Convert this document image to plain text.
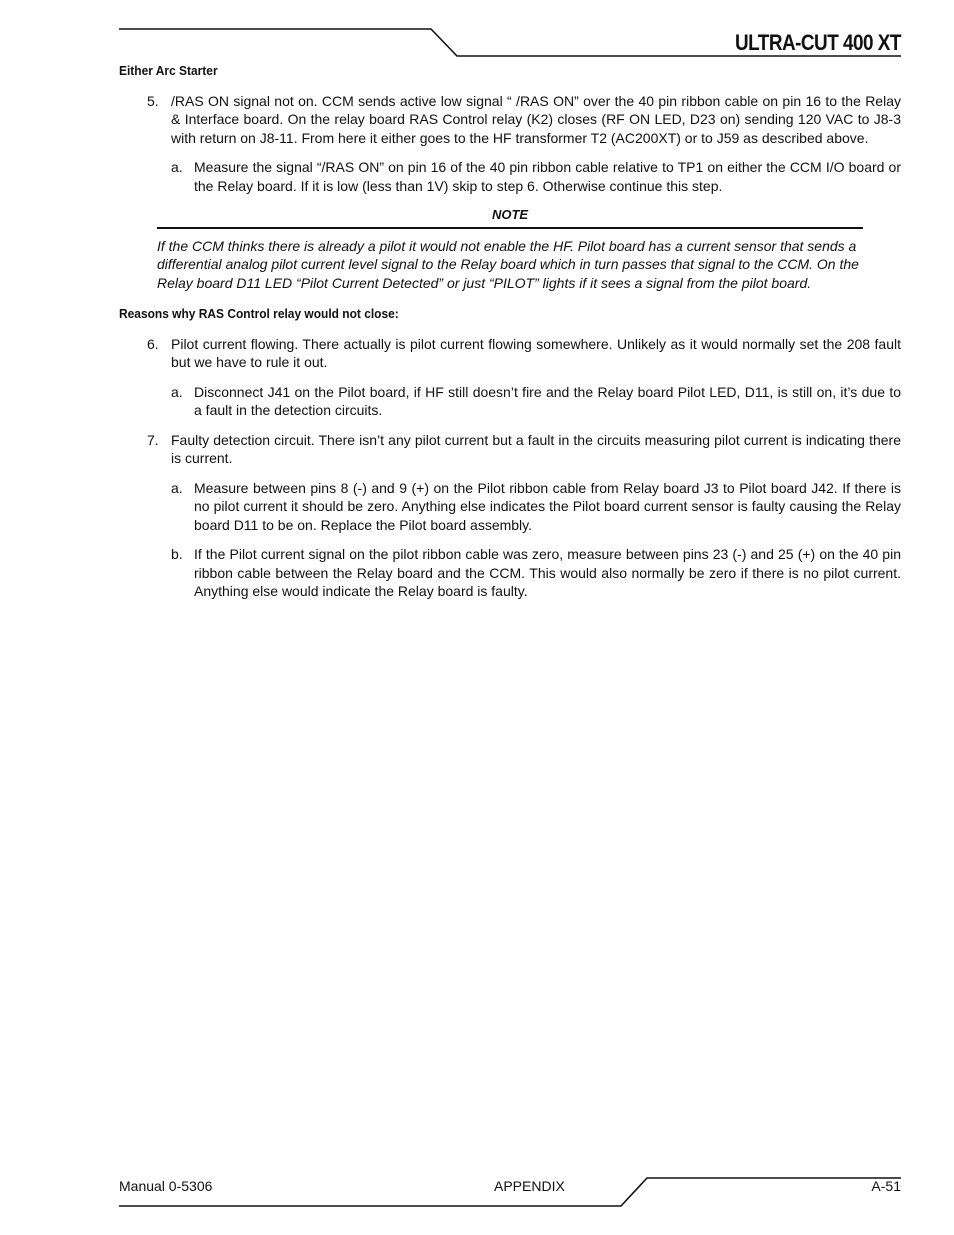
ULTRA-CUT 400 XT

Either Arc Starter

5. /RAS ON signal not on. CCM sends active low signal “ /RAS ON” over the 40 pin ribbon cable on pin 16 to the Relay & Interface board. On the relay board RAS Control relay (K2) closes (RF ON LED, D23 on) sending 120 VAC to J8-3 with return on J8-11. From here it either goes to the HF transformer T2 (AC200XT) or to J59 as described above.
a. Measure the signal “/RAS ON” on pin 16 of the 40 pin ribbon cable relative to TP1 on either the CCM I/O board or the Relay board. If it is low (less than 1V) skip to step 6. Otherwise continue this step.
NOTE
If the CCM thinks there is already a pilot it would not enable the HF. Pilot board has a current sensor that sends a differential analog pilot current level signal to the Relay board which in turn passes that signal to the CCM. On the Relay board D11 LED “Pilot Current Detected” or just “PILOT” lights if it sees a signal from the pilot board.

Reasons why RAS Control relay would not close:

6. Pilot current flowing. There actually is pilot current flowing somewhere. Unlikely as it would normally set the 208 fault but we have to rule it out.
a. Disconnect J41 on the Pilot board, if HF still doesn’t fire and the Relay board Pilot LED, D11, is still on, it’s due to a fault in the detection circuits.
7. Faulty detection circuit. There isn’t any pilot current but a fault in the circuits measuring pilot current is indicating there is current.
a. Measure between pins 8 (-) and 9 (+) on the Pilot ribbon cable from Relay board J3 to Pilot board J42. If there is no pilot current it should be zero. Anything else indicates the Pilot board current sensor is faulty causing the Relay board D11 to be on. Replace the Pilot board assembly.
b. If the Pilot current signal on the pilot ribbon cable was zero, measure between pins 23 (-) and 25 (+) on the 40 pin ribbon cable between the Relay board and the CCM. This would also normally be zero if there is no pilot current. Anything else would indicate the Relay board is faulty.
Manual 0-5306	APPENDIX	A-51
